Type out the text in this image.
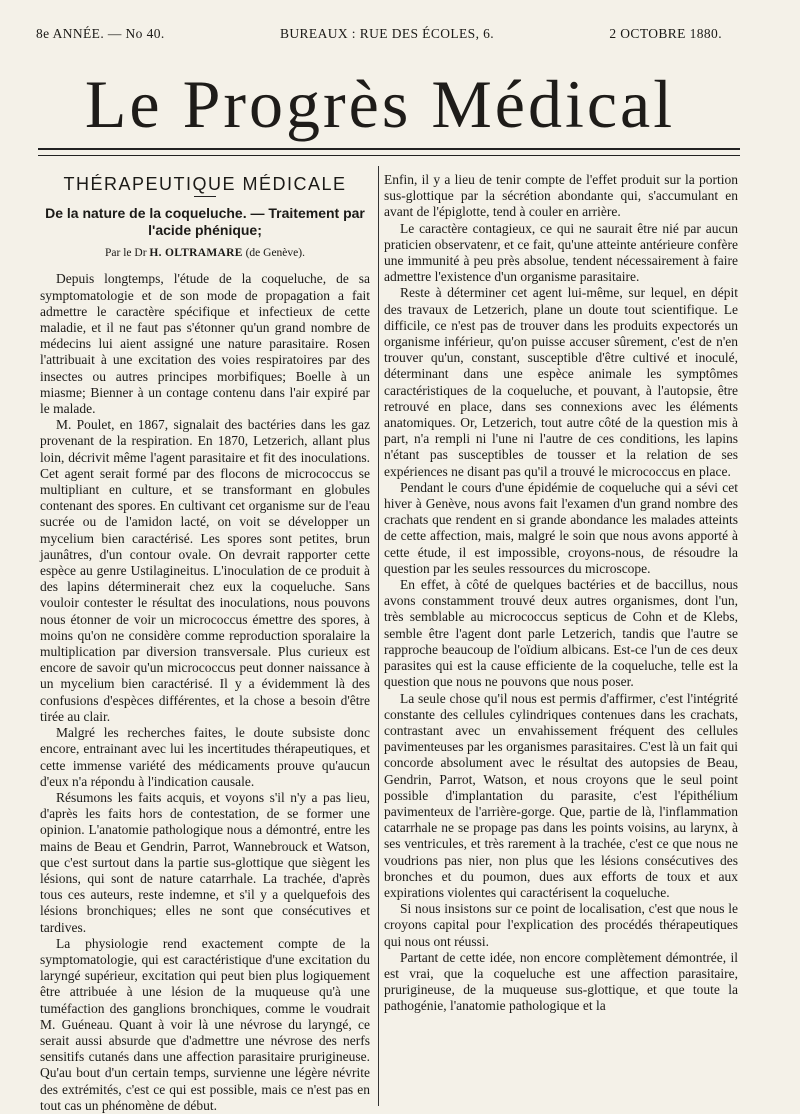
8e ANNÉE. — No 40.	BUREAUX : RUE DES ÉCOLES, 6.	2 OCTOBRE 1880.
Le Progrès Médical
THÉRAPEUTIQUE MÉDICALE
De la nature de la coqueluche. — Traitement par l'acide phénique;
Par le Dr H. OLTRAMARE (de Genève).

Depuis longtemps, l'étude de la coqueluche, de sa symptomatologie et de son mode de propagation a fait admettre le caractère spécifique et infectieux de cette maladie, et il ne faut pas s'étonner qu'un grand nombre de médecins lui aient assigné une nature parasitaire. Rosen l'attribuait à une excitation des voies respiratoires par des insectes ou autres principes morbifiques; Boelle à un miasme; Bienner à un contage contenu dans l'air expiré par le malade.

M. Poulet, en 1867, signalait des bactéries dans les gaz provenant de la respiration. En 1870, Letzerich, allant plus loin, décrivit même l'agent parasitaire et fit des inoculations. Cet agent serait formé par des flocons de micrococcus se multipliant en culture, et se transformant en globules contenant des spores. En cultivant cet organisme sur de l'eau sucrée ou de l'amidon lacté, on voit se développer un mycelium bien caractérisé. Les spores sont petites, brun jaunâtres, d'un contour ovale. On devrait rapporter cette espèce au genre Ustilagineitus. L'inoculation de ce produit à des lapins déterminerait chez eux la coqueluche. Sans vouloir contester le résultat des inoculations, nous pouvons nous étonner de voir un micrococcus émettre des spores, à moins qu'on ne considère comme reproduction sporalaire la multiplication par diversion transversale. Plus curieux est encore de savoir qu'un micrococcus peut donner naissance à un mycelium bien caractérisé. Il y a évidemment là des confusions d'espèces différentes, et la chose a besoin d'être tirée au clair.

Malgré les recherches faites, le doute subsiste donc encore, entrainant avec lui les incertitudes thérapeutiques, et cette immense variété des médicaments prouve qu'aucun d'eux n'a répondu à l'indication causale.

Résumons les faits acquis, et voyons s'il n'y a pas lieu, d'après les faits hors de contestation, de se former une opinion. L'anatomie pathologique nous a démontré, entre les mains de Beau et Gendrin, Parrot, Wannebrouck et Watson, que c'est surtout dans la partie sus-glottique que siègent les lésions, qui sont de nature catarrhale. La trachée, d'après tous ces auteurs, reste indemne, et s'il y a quelquefois des lésions bronchiques; elles ne sont que consécutives et tardives.

La physiologie rend exactement compte de la symptomatologie, qui est caractéristique d'une excitation du laryngé supérieur, excitation qui peut bien plus logiquement être attribuée à une lésion de la muqueuse qu'à une tuméfaction des ganglions bronchiques, comme le voudrait M. Guéneau. Quant à voir là une névrose du laryngé, ce serait aussi absurde que d'admettre une névrose des nerfs sensitifs cutanés dans une affection parasitaire prurigineuse. Qu'au bout d'un certain temps, survienne une légère névrite des extrémités, c'est ce qui est possible, mais ce n'est pas en tout cas un phénomène de début.

Enfin, il y a lieu de tenir compte de l'effet produit sur la portion sus-glottique par la sécrétion abondante qui, s'accumulant en avant de l'épiglotte, tend à couler en arrière.

Le caractère contagieux, ce qui ne saurait être nié par aucun praticien observatenr, et ce fait, qu'une atteinte antérieure confère une immunité à peu près absolue, tendent nécessairement à faire admettre l'existence d'un organisme parasitaire.

Reste à déterminer cet agent lui-même, sur lequel, en dépit des travaux de Letzerich, plane un doute tout scientifique. Le difficile, ce n'est pas de trouver dans les produits expectorés un organisme inférieur, qu'on puisse accuser sûrement, c'est de n'en trouver qu'un, constant, susceptible d'être cultivé et inoculé, déterminant dans une espèce animale les symptômes caractéristiques de la coqueluche, et pouvant, à l'autopsie, être retrouvé en place, dans ses connexions avec les éléments anatomiques. Or, Letzerich, tout autre côté de la question mis à part, n'a rempli ni l'une ni l'autre de ces conditions, les lapins n'étant pas susceptibles de tousser et la relation de ses expériences ne disant pas qu'il a trouvé le micrococcus en place.

Pendant le cours d'une épidémie de coqueluche qui a sévi cet hiver à Genève, nous avons fait l'examen d'un grand nombre des crachats que rendent en si grande abondance les malades atteints de cette affection, mais, malgré le soin que nous avons apporté à cette étude, il est impossible, croyons-nous, de résoudre la question par les seules ressources du microscope.

En effet, à côté de quelques bactéries et de baccillus, nous avons constamment trouvé deux autres organismes, dont l'un, très semblable au micrococcus septicus de Cohn et de Klebs, semble être l'agent dont parle Letzerich, tandis que l'autre se rapproche beaucoup de l'oïdium albicans. Est-ce l'un de ces deux parasites qui est la cause efficiente de la coqueluche, telle est la question que nous ne pouvons que nous poser.

La seule chose qu'il nous est permis d'affirmer, c'est l'intégrité constante des cellules cylindriques contenues dans les crachats, contrastant avec un envahissement fréquent des cellules pavimenteuses par les organismes parasitaires. C'est là un fait qui concorde absolument avec le résultat des autopsies de Beau, Gendrin, Parrot, Watson, et nous croyons que le seul point possible d'implantation du parasite, c'est l'épithélium pavimenteux de l'arrière-gorge. Que, partie de là, l'inflammation catarrhale ne se propage pas dans les points voisins, au larynx, à ses ventricules, et très rarement à la trachée, c'est ce que nous ne voudrions pas nier, non plus que les lésions consécutives des bronches et du poumon, dues aux efforts de toux et aux expirations violentes qui caractérisent la coqueluche.

Si nous insistons sur ce point de localisation, c'est que nous le croyons capital pour l'explication des procédés thérapeutiques qui nous ont réussi.

Partant de cette idée, non encore complètement démontrée, il est vrai, que la coqueluche est une affection parasitaire, prurigineuse, de la muqueuse sus-glottique, et que toute la pathogénie, l'anatomie pathologique et la
